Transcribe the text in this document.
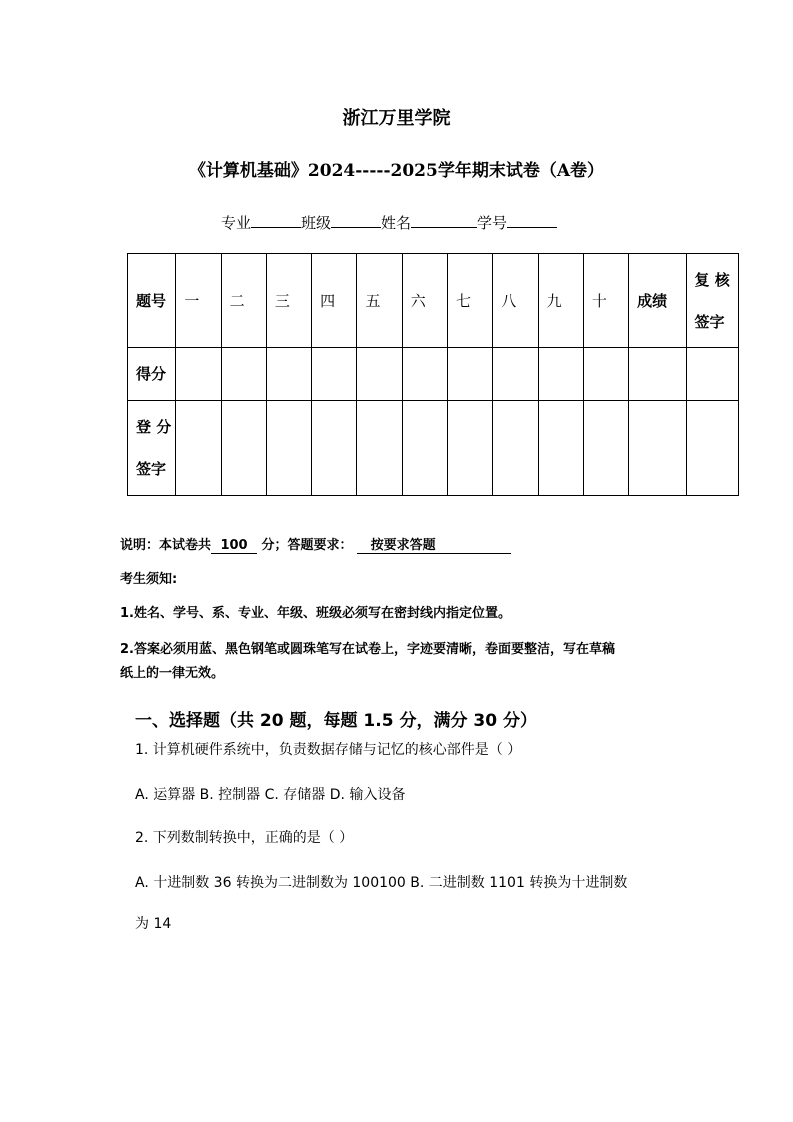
浙江万里学院
《计算机基础》2024-----2025学年期末试卷（A卷）
专业	班级	姓名	学号
题号	一	二	三	四	五	六	七	八	九	十	成绩	复 核
签字

得分												

登 分
签字												

说明：本试卷共 100 分；答题要求： 按要求答题
考生须知:
1.姓名、学号、系、专业、年级、班级必须写在密封线内指定位置。
2.答案必须用蓝、黑色钢笔或圆珠笔写在试卷上，字迹要清晰，卷面要整洁，写在草稿
纸上的一律无效。
一、选择题（共 20 题，每题 1.5 分，满分 30 分）
1. 计算机硬件系统中，负责数据存储与记忆的核心部件是（ ）
A. 运算器 B. 控制器 C. 存储器 D. 输入设备
2. 下列数制转换中，正确的是（ ）
A. 十进制数 36 转换为二进制数为 100100 B. 二进制数 1101 转换为十进制数
为 14
